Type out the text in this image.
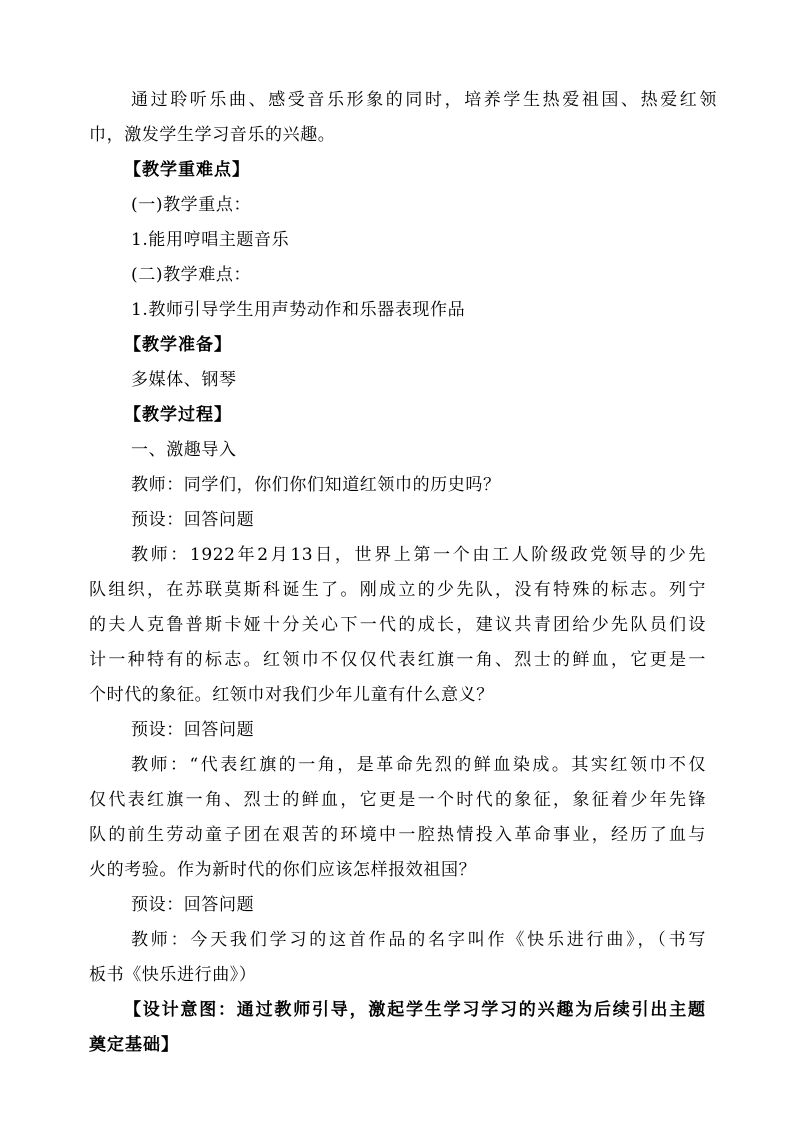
通过聆听乐曲、感受音乐形象的同时，培养学生热爱祖国、热爱红领
巾，激发学生学习音乐的兴趣。
【教学重难点】
(一)教学重点：
1.能用哼唱主题音乐
(二)教学难点：
1.教师引导学生用声势动作和乐器表现作品
【教学准备】
多媒体、钢琴
【教学过程】
一、激趣导入
教师：同学们，你们你们知道红领巾的历史吗？
预设：回答问题
教师：1922年2月13日，世界上第一个由工人阶级政党领导的少先
队组织，在苏联莫斯科诞生了。刚成立的少先队，没有特殊的标志。列宁
的夫人克鲁普斯卡娅十分关心下一代的成长，建议共青团给少先队员们设
计一种特有的标志。红领巾不仅仅代表红旗一角、烈士的鲜血，它更是一
个时代的象征。红领巾对我们少年儿童有什么意义？
预设：回答问题
教师：“代表红旗的一角，是革命先烈的鲜血染成。其实红领巾不仅
仅代表红旗一角、烈士的鲜血，它更是一个时代的象征，象征着少年先锋
队的前生劳动童子团在艰苦的环境中一腔热情投入革命事业，经历了血与
火的考验。作为新时代的你们应该怎样报效祖国？
预设：回答问题
教师：今天我们学习的这首作品的名字叫作《快乐进行曲》，（书写
板书《快乐进行曲》）
【设计意图：通过教师引导，激起学生学习学习的兴趣为后续引出主题
奠定基础】
